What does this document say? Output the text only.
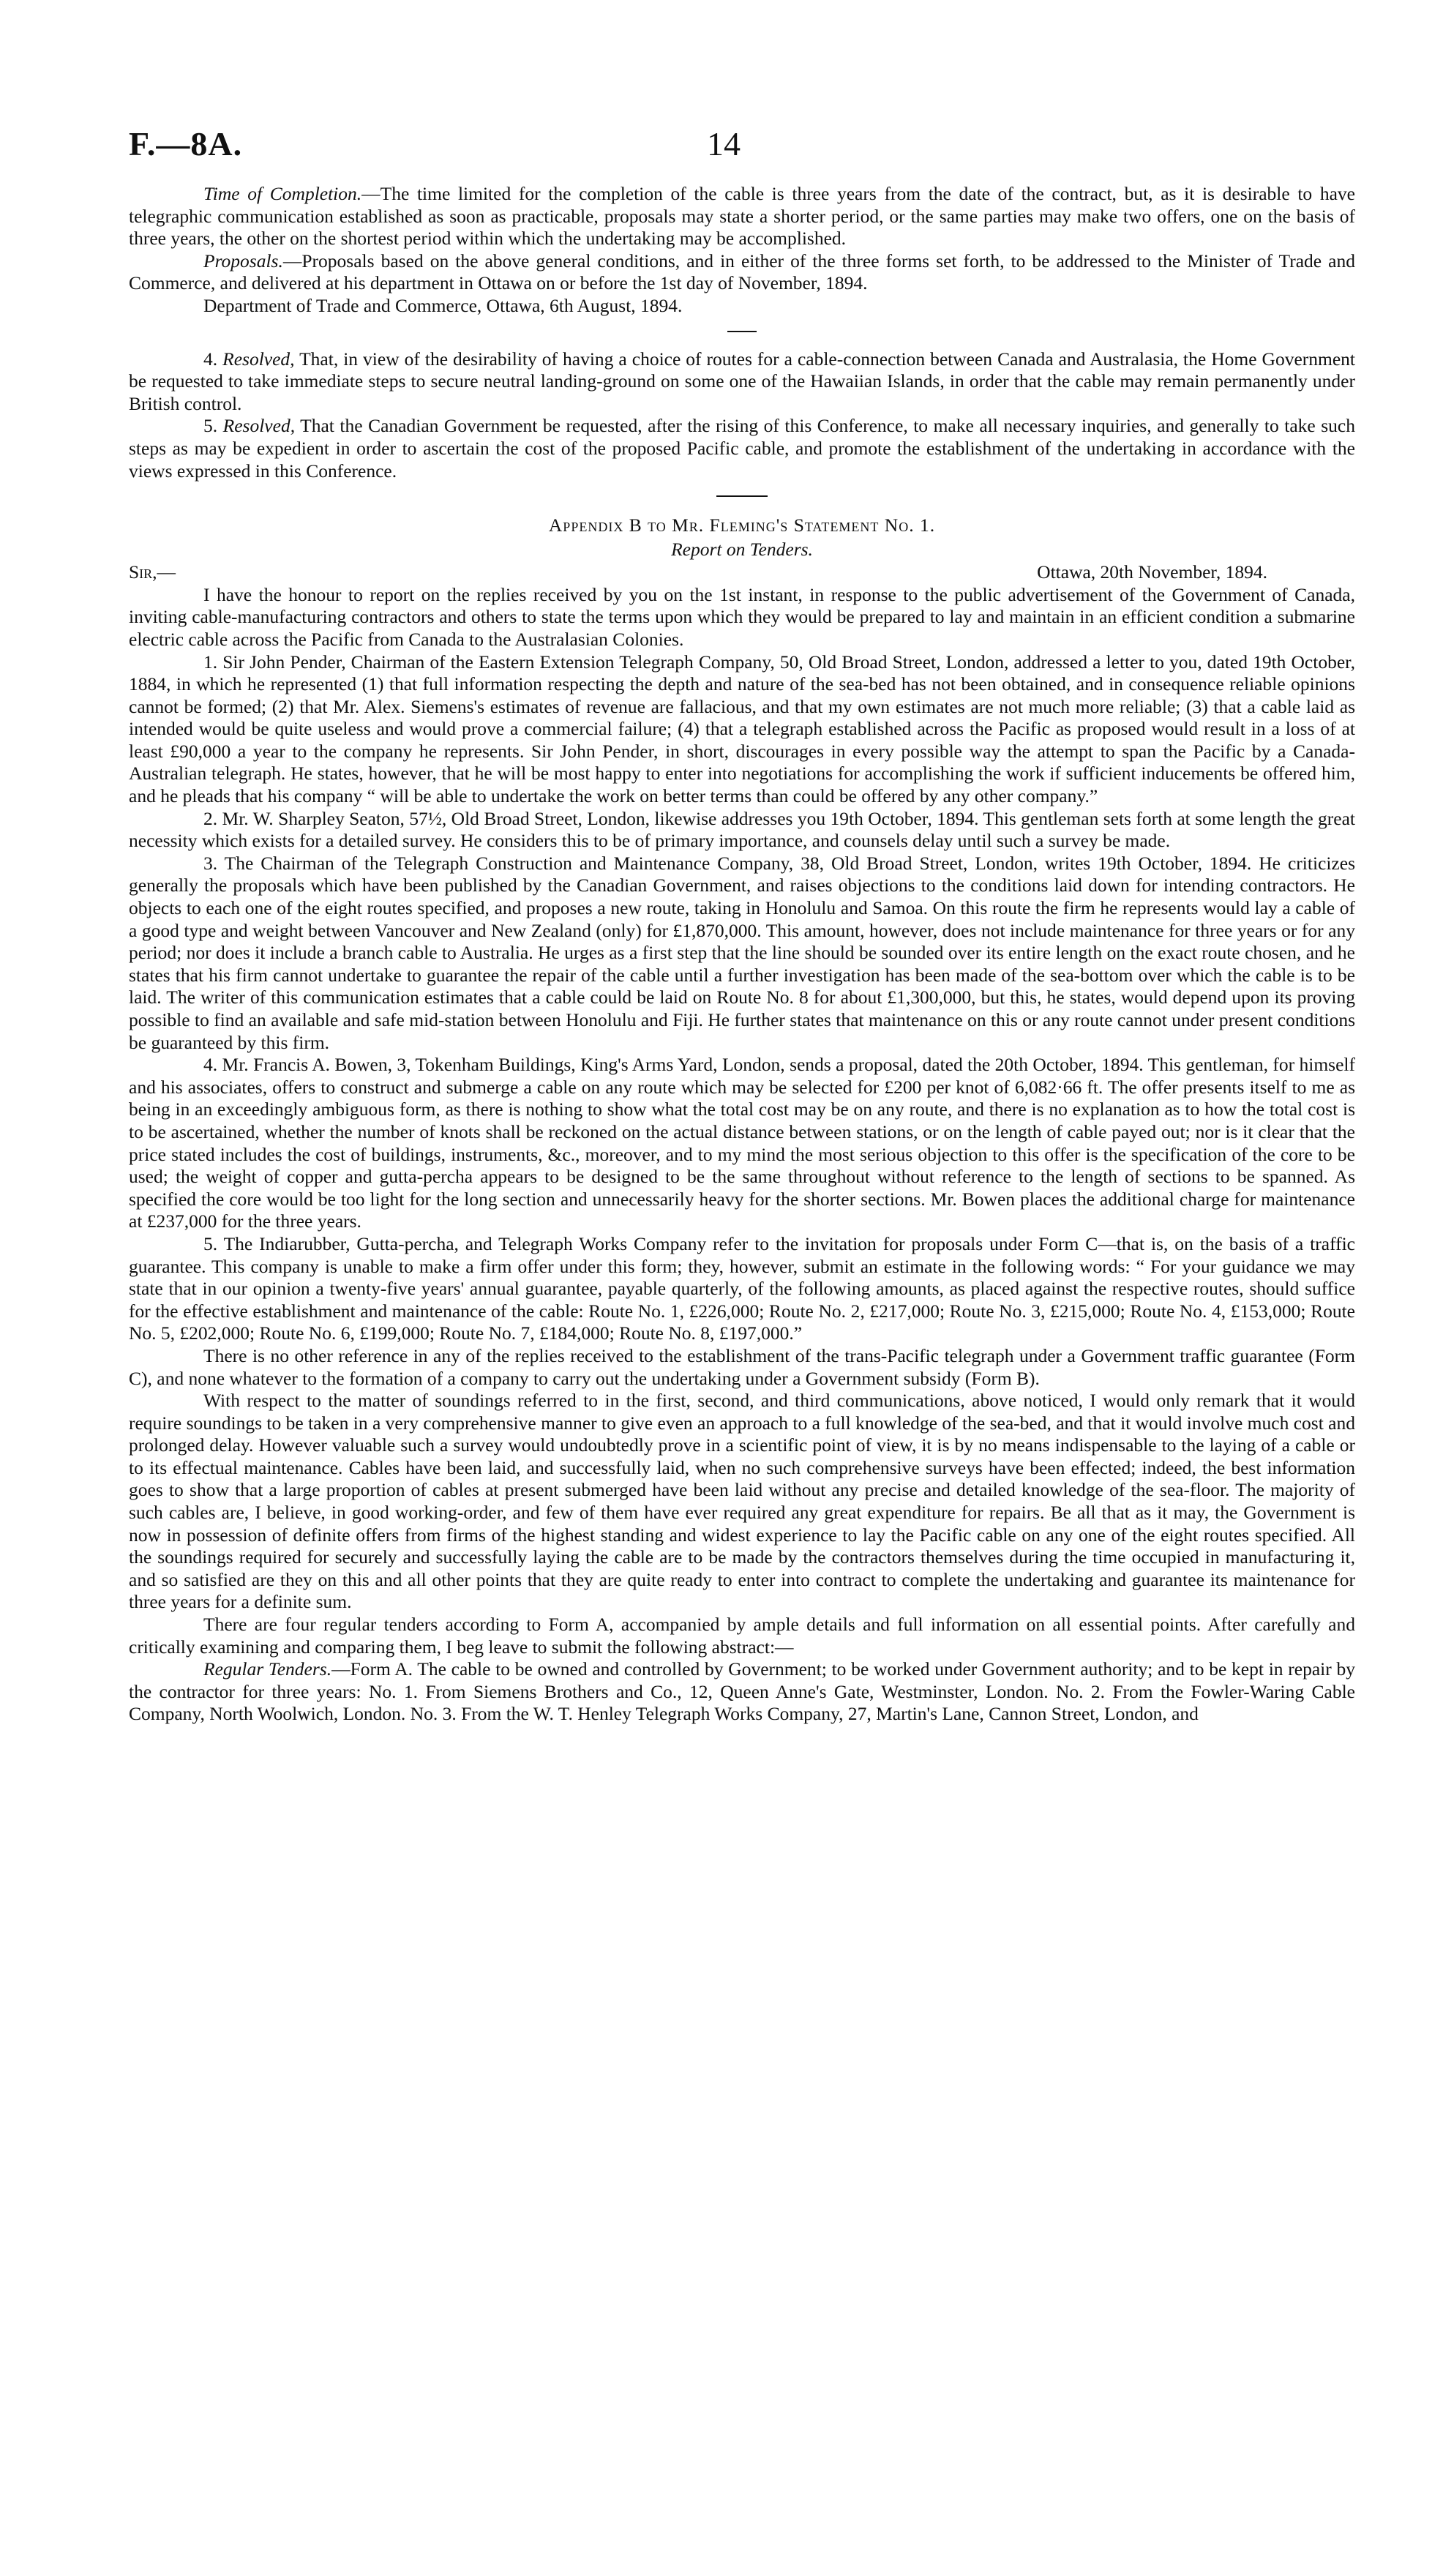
F.—8A.	14

Time of Completion.—The time limited for the completion of the cable is three years from the date of the contract, but, as it is desirable to have telegraphic communication established as soon as practicable, proposals may state a shorter period, or the same parties may make two offers, one on the basis of three years, the other on the shortest period within which the undertaking may be accomplished.

Proposals.—Proposals based on the above general conditions, and in either of the three forms set forth, to be addressed to the Minister of Trade and Commerce, and delivered at his department in Ottawa on or before the 1st day of November, 1894.

Department of Trade and Commerce, Ottawa, 6th August, 1894.

4. Resolved, That, in view of the desirability of having a choice of routes for a cable-connection between Canada and Australasia, the Home Government be requested to take immediate steps to secure neutral landing-ground on some one of the Hawaiian Islands, in order that the cable may remain permanently under British control.

5. Resolved, That the Canadian Government be requested, after the rising of this Conference, to make all necessary inquiries, and generally to take such steps as may be expedient in order to ascertain the cost of the proposed Pacific cable, and promote the establishment of the undertaking in accordance with the views expressed in this Conference.

Appendix B to Mr. Fleming's Statement No. 1.
Report on Tenders.
Sir,—	Ottawa, 20th November, 1894.

I have the honour to report on the replies received by you on the 1st instant, in response to the public advertisement of the Government of Canada, inviting cable-manufacturing contractors and others to state the terms upon which they would be prepared to lay and maintain in an efficient condition a submarine electric cable across the Pacific from Canada to the Australasian Colonies.

1. Sir John Pender, Chairman of the Eastern Extension Telegraph Company, 50, Old Broad Street, London, addressed a letter to you, dated 19th October, 1884, in which he represented (1) that full information respecting the depth and nature of the sea-bed has not been obtained, and in consequence reliable opinions cannot be formed; (2) that Mr. Alex. Siemens's estimates of revenue are fallacious, and that my own estimates are not much more reliable; (3) that a cable laid as intended would be quite useless and would prove a commercial failure; (4) that a telegraph established across the Pacific as proposed would result in a loss of at least £90,000 a year to the company he represents. Sir John Pender, in short, discourages in every possible way the attempt to span the Pacific by a Canada-Australian telegraph. He states, however, that he will be most happy to enter into negotiations for accomplishing the work if sufficient inducements be offered him, and he pleads that his company “ will be able to undertake the work on better terms than could be offered by any other company.”

2. Mr. W. Sharpley Seaton, 57½, Old Broad Street, London, likewise addresses you 19th October, 1894. This gentleman sets forth at some length the great necessity which exists for a detailed survey. He considers this to be of primary importance, and counsels delay until such a survey be made.

3. The Chairman of the Telegraph Construction and Maintenance Company, 38, Old Broad Street, London, writes 19th October, 1894. He criticizes generally the proposals which have been published by the Canadian Government, and raises objections to the conditions laid down for intending contractors. He objects to each one of the eight routes specified, and proposes a new route, taking in Honolulu and Samoa. On this route the firm he represents would lay a cable of a good type and weight between Vancouver and New Zealand (only) for £1,870,000. This amount, however, does not include maintenance for three years or for any period; nor does it include a branch cable to Australia. He urges as a first step that the line should be sounded over its entire length on the exact route chosen, and he states that his firm cannot undertake to guarantee the repair of the cable until a further investigation has been made of the sea-bottom over which the cable is to be laid. The writer of this communication estimates that a cable could be laid on Route No. 8 for about £1,300,000, but this, he states, would depend upon its proving possible to find an available and safe mid-station between Honolulu and Fiji. He further states that maintenance on this or any route cannot under present conditions be guaranteed by this firm.

4. Mr. Francis A. Bowen, 3, Tokenham Buildings, King's Arms Yard, London, sends a proposal, dated the 20th October, 1894. This gentleman, for himself and his associates, offers to construct and submerge a cable on any route which may be selected for £200 per knot of 6,082·66 ft. The offer presents itself to me as being in an exceedingly ambiguous form, as there is nothing to show what the total cost may be on any route, and there is no explanation as to how the total cost is to be ascertained, whether the number of knots shall be reckoned on the actual distance between stations, or on the length of cable payed out; nor is it clear that the price stated includes the cost of buildings, instruments, &c., moreover, and to my mind the most serious objection to this offer is the specification of the core to be used; the weight of copper and gutta-percha appears to be designed to be the same throughout without reference to the length of sections to be spanned. As specified the core would be too light for the long section and unnecessarily heavy for the shorter sections. Mr. Bowen places the additional charge for maintenance at £237,000 for the three years.

5. The Indiarubber, Gutta-percha, and Telegraph Works Company refer to the invitation for proposals under Form C—that is, on the basis of a traffic guarantee. This company is unable to make a firm offer under this form; they, however, submit an estimate in the following words: “ For your guidance we may state that in our opinion a twenty-five years' annual guarantee, payable quarterly, of the following amounts, as placed against the respective routes, should suffice for the effective establishment and maintenance of the cable: Route No. 1, £226,000; Route No. 2, £217,000; Route No. 3, £215,000; Route No. 4, £153,000; Route No. 5, £202,000; Route No. 6, £199,000; Route No. 7, £184,000; Route No. 8, £197,000.”

There is no other reference in any of the replies received to the establishment of the trans-Pacific telegraph under a Government traffic guarantee (Form C), and none whatever to the formation of a company to carry out the undertaking under a Government subsidy (Form B).

With respect to the matter of soundings referred to in the first, second, and third communications, above noticed, I would only remark that it would require soundings to be taken in a very comprehensive manner to give even an approach to a full knowledge of the sea-bed, and that it would involve much cost and prolonged delay. However valuable such a survey would undoubtedly prove in a scientific point of view, it is by no means indispensable to the laying of a cable or to its effectual maintenance. Cables have been laid, and successfully laid, when no such comprehensive surveys have been effected; indeed, the best information goes to show that a large proportion of cables at present submerged have been laid without any precise and detailed knowledge of the sea-floor. The majority of such cables are, I believe, in good working-order, and few of them have ever required any great expenditure for repairs. Be all that as it may, the Government is now in possession of definite offers from firms of the highest standing and widest experience to lay the Pacific cable on any one of the eight routes specified. All the soundings required for securely and successfully laying the cable are to be made by the contractors themselves during the time occupied in manufacturing it, and so satisfied are they on this and all other points that they are quite ready to enter into contract to complete the undertaking and guarantee its maintenance for three years for a definite sum.

There are four regular tenders according to Form A, accompanied by ample details and full information on all essential points. After carefully and critically examining and comparing them, I beg leave to submit the following abstract:—

Regular Tenders.—Form A. The cable to be owned and controlled by Government; to be worked under Government authority; and to be kept in repair by the contractor for three years: No. 1. From Siemens Brothers and Co., 12, Queen Anne's Gate, Westminster, London. No. 2. From the Fowler-Waring Cable Company, North Woolwich, London. No. 3. From the W. T. Henley Telegraph Works Company, 27, Martin's Lane, Cannon Street, London, and
